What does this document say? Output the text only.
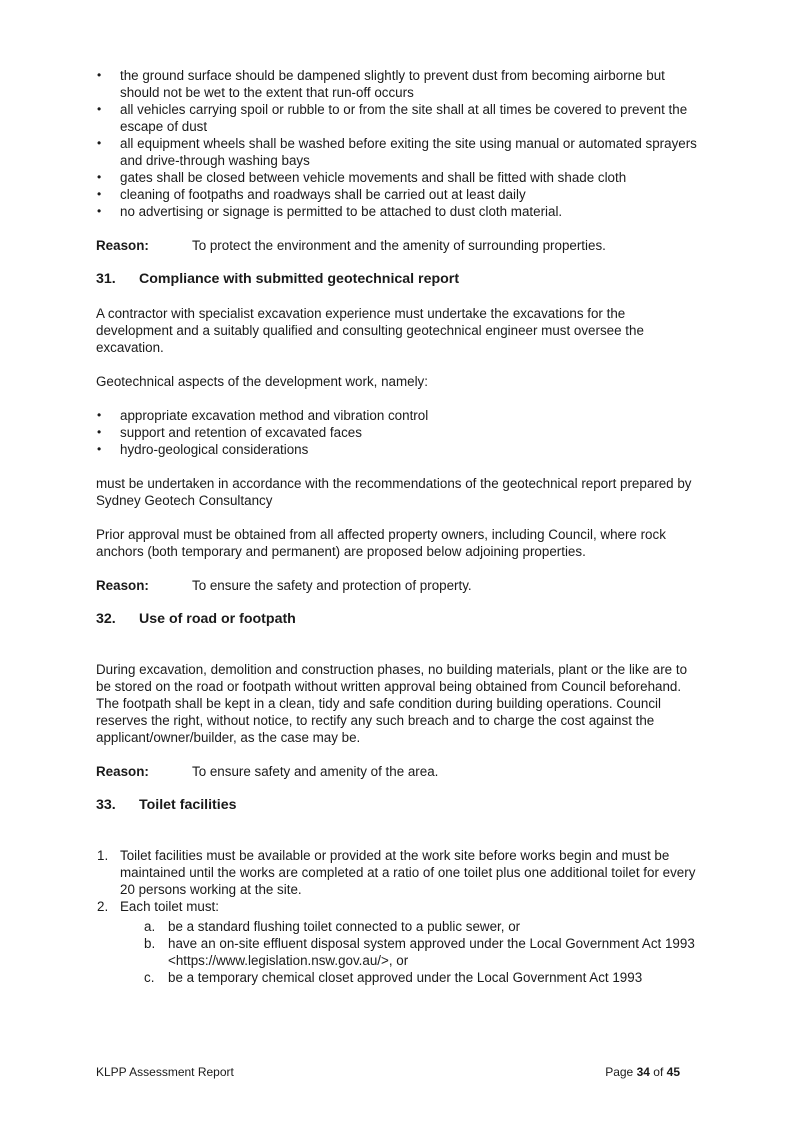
• the ground surface should be dampened slightly to prevent dust from becoming airborne but should not be wet to the extent that run-off occurs
• all vehicles carrying spoil or rubble to or from the site shall at all times be covered to prevent the escape of dust
• all equipment wheels shall be washed before exiting the site using manual or automated sprayers and drive-through washing bays
• gates shall be closed between vehicle movements and shall be fitted with shade cloth
• cleaning of footpaths and roadways shall be carried out at least daily
• no advertising or signage is permitted to be attached to dust cloth material.
Reason:	To protect the environment and the amenity of surrounding properties.
31.	Compliance with submitted geotechnical report

A contractor with specialist excavation experience must undertake the excavations for the development and a suitably qualified and consulting geotechnical engineer must oversee the excavation.

Geotechnical aspects of the development work, namely:

• appropriate excavation method and vibration control
• support and retention of excavated faces
• hydro-geological considerations

must be undertaken in accordance with the recommendations of the geotechnical report prepared by Sydney Geotech Consultancy

Prior approval must be obtained from all affected property owners, including Council, where rock anchors (both temporary and permanent) are proposed below adjoining properties.

Reason:	To ensure the safety and protection of property.
32.	Use of road or footpath

During excavation, demolition and construction phases, no building materials, plant or the like are to be stored on the road or footpath without written approval being obtained from Council beforehand. The footpath shall be kept in a clean, tidy and safe condition during building operations. Council reserves the right, without notice, to rectify any such breach and to charge the cost against the applicant/owner/builder, as the case may be.

Reason:	To ensure safety and amenity of the area.
33.	Toilet facilities
1. Toilet facilities must be available or provided at the work site before works begin and must be maintained until the works are completed at a ratio of one toilet plus one additional toilet for every 20 persons working at the site.
2. Each toilet must:
a. be a standard flushing toilet connected to a public sewer, or
b. have an on-site effluent disposal system approved under the Local Government Act 1993 <https://www.legislation.nsw.gov.au/>, or
c. be a temporary chemical closet approved under the Local Government Act 1993
KLPP Assessment Report	Page 34 of 45
